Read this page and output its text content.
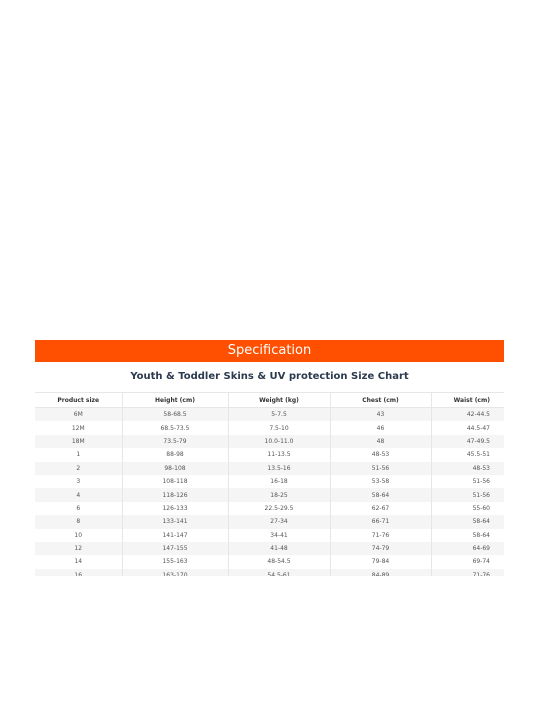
Specification
Youth & Toddler Skins & UV protection Size Chart
Product size	Height (cm)	Weight (kg)	Chest (cm)	Waist (cm)
6M	58-68.5	5-7.5	43	42-44.5
12M	68.5-73.5	7.5-10	46	44.5-47
18M	73.5-79	10.0-11.0	48	47-49.5
1	88-98	11-13.5	48-53	45.5-51
2	98-108	13.5-16	51-56	48-53
3	108-118	16-18	53-58	51-56
4	118-126	18-25	58-64	51-56
6	126-133	22.5-29.5	62-67	55-60
8	133-141	27-34	66-71	58-64
10	141-147	34-41	71-76	58-64
12	147-155	41-48	74-79	64-69
14	155-163	48-54.5	79-84	69-74
16	163-170	54.5-61	84-89	71-76
